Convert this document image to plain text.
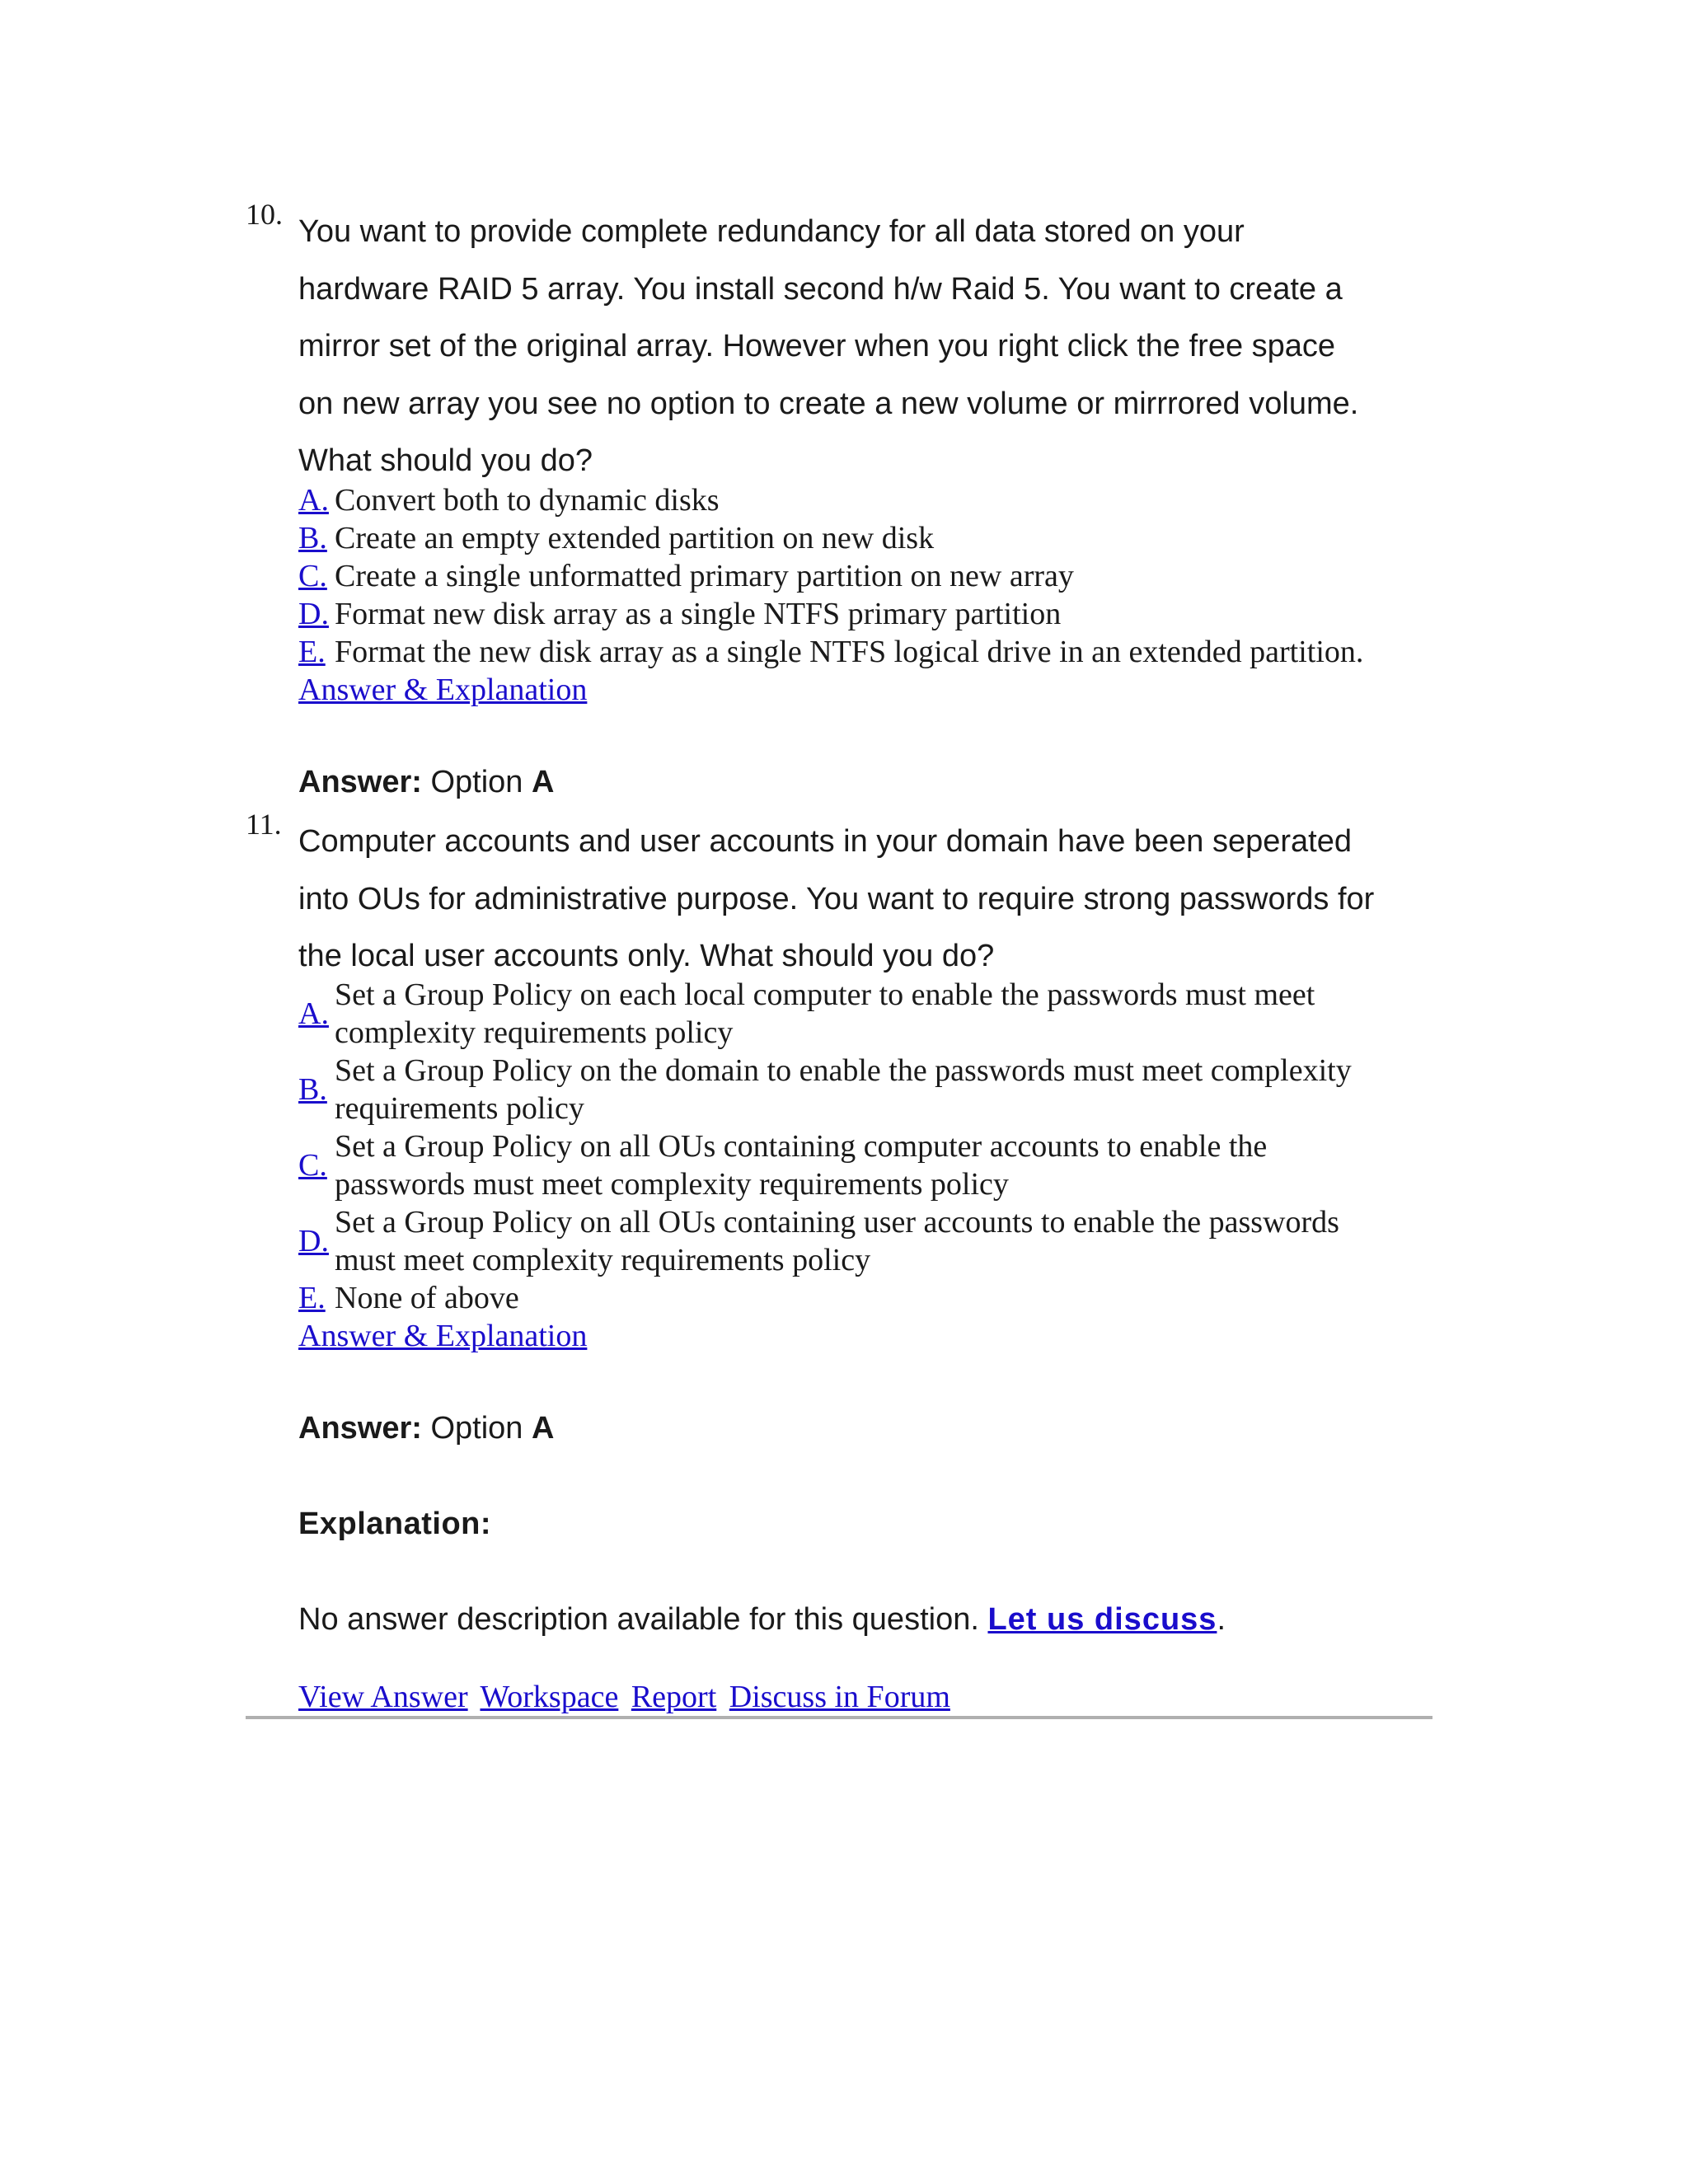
10. You want to provide complete redundancy for all data stored on your
hardware RAID 5 array. You install second h/w Raid 5. You want to create a
mirror set of the original array. However when you right click the free space
on new array you see no option to create a new volume or mirrrored volume.
What should you do?

A. Convert both to dynamic disks
B. Create an empty extended partition on new disk
C. Create a single unformatted primary partition on new array
D. Format new disk array as a single NTFS primary partition
E. Format the new disk array as a single NTFS logical drive in an extended partition.
Answer & Explanation
Answer: Option A
11. Computer accounts and user accounts in your domain have been seperated
into OUs for administrative purpose. You want to require strong passwords for
the local user accounts only. What should you do?

A.
Set a Group Policy on each local computer to enable the passwords must meet
complexity requirements policy
B.
Set a Group Policy on the domain to enable the passwords must meet complexity
requirements policy
C.
Set a Group Policy on all OUs containing computer accounts to enable the
passwords must meet complexity requirements policy
D.
Set a Group Policy on all OUs containing user accounts to enable the passwords
must meet complexity requirements policy
E. None of above
Answer & Explanation
Answer: Option A
Explanation:
No answer description available for this question. Let us discuss.
View Answer Workspace Report Discuss in Forum
